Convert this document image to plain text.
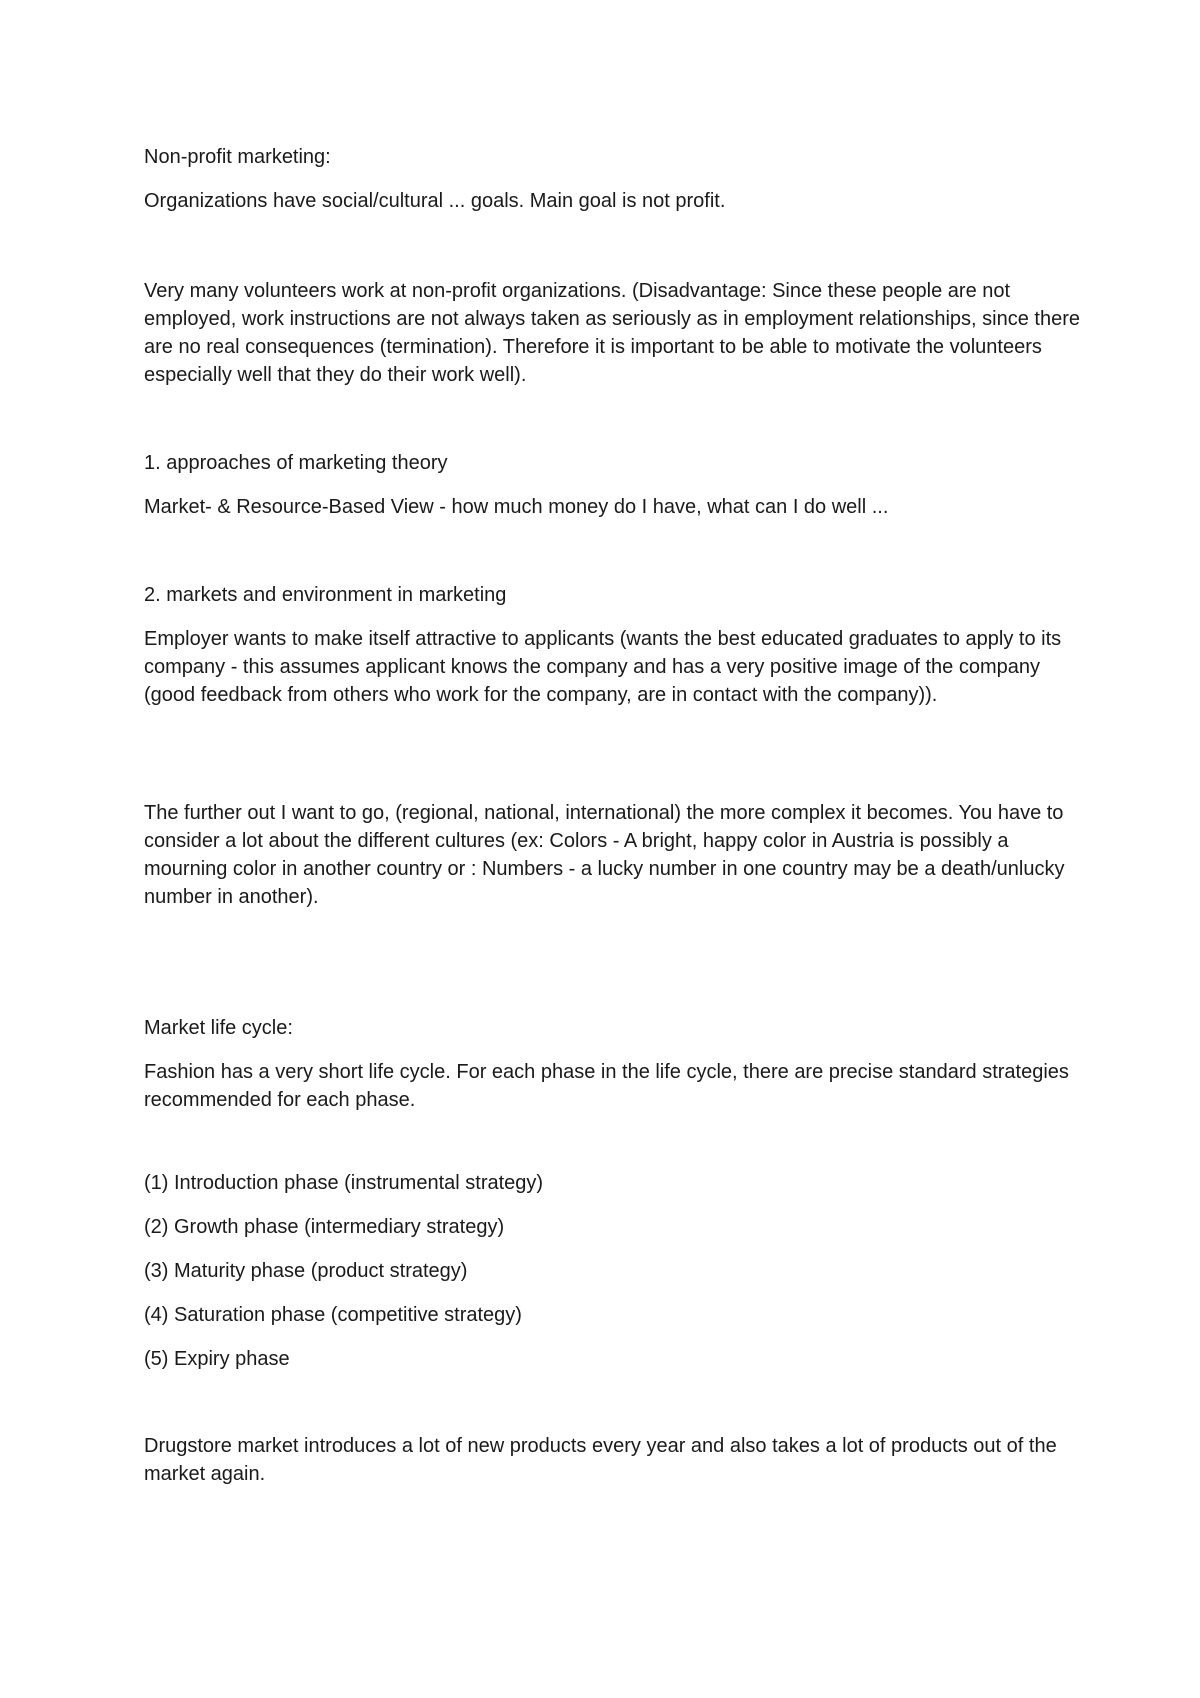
Non-profit marketing:

Organizations have social/cultural ... goals. Main goal is not profit.

Very many volunteers work at non-profit organizations. (Disadvantage: Since these people are not employed, work instructions are not always taken as seriously as in employment relationships, since there are no real consequences (termination). Therefore it is important to be able to motivate the volunteers especially well that they do their work well).

1. approaches of marketing theory

Market- & Resource-Based View - how much money do I have, what can I do well ...

2. markets and environment in marketing

Employer wants to make itself attractive to applicants (wants the best educated graduates to apply to its company - this assumes applicant knows the company and has a very positive image of the company (good feedback from others who work for the company, are in contact with the company)).

The further out I want to go, (regional, national, international) the more complex it becomes. You have to consider a lot about the different cultures (ex: Colors - A bright, happy color in Austria is possibly a mourning color in another country or : Numbers - a lucky number in one country may be a death/unlucky number in another).

Market life cycle:

Fashion has a very short life cycle. For each phase in the life cycle, there are precise standard strategies recommended for each phase.

(1) Introduction phase (instrumental strategy)

(2) Growth phase (intermediary strategy)

(3) Maturity phase (product strategy)

(4) Saturation phase (competitive strategy)

(5) Expiry phase

Drugstore market introduces a lot of new products every year and also takes a lot of products out of the market again.
